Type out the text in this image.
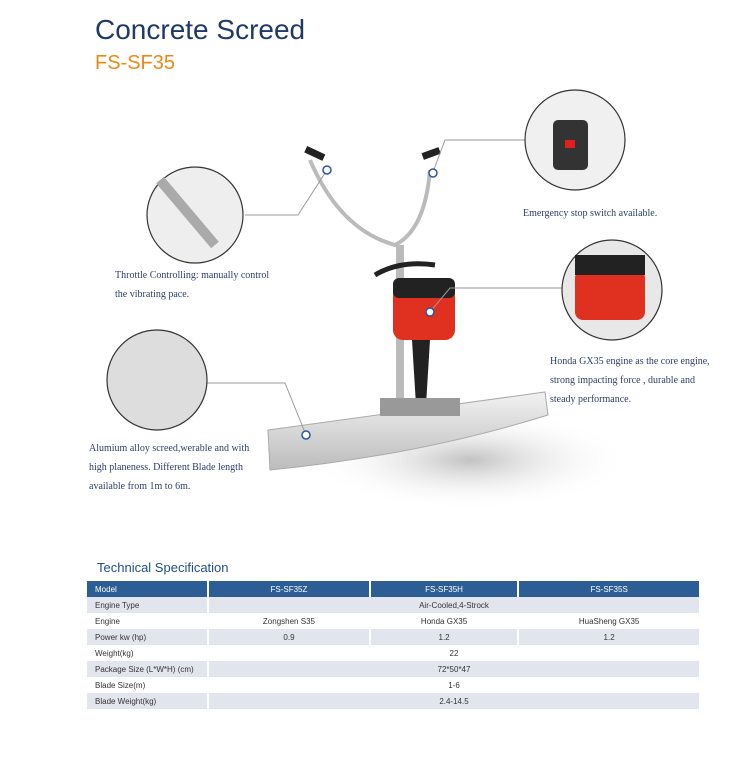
Concrete Screed
FS-SF35
Throttle Controlling: manually control
the vibrating pace.
Emergency stop switch available.
Honda GX35 engine as the core engine,
strong impacting force , durable and
steady performance.
Alumium alloy screed,werable and with
high planeness. Different Blade length
available from 1m to 6m.
Technical Specification
Model	FS-SF35Z	FS-SF35H	FS-SF35S
Engine Type	Air-Cooled,4-Strock		
Engine	Zongshen S35	Honda GX35	HuaSheng GX35
Power kw (hp)	0.9	1.2	1.2
Weight(kg)	22		
Package Size (L*W*H) (cm)	72*50*47		
Blade Size(m)	1-6		
Blade Weight(kg)	2.4-14.5		
